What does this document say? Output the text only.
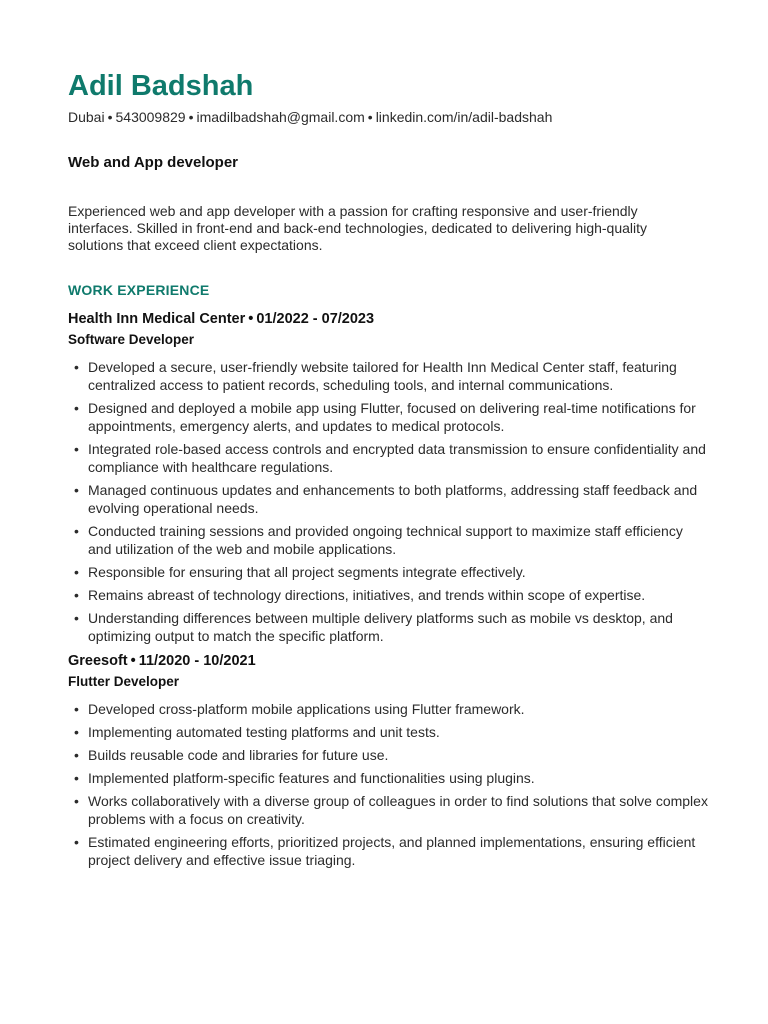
Adil Badshah
Dubai • 543009829 • imadilbadshah@gmail.com • linkedin.com/in/adil-badshah
Web and App developer
Experienced web and app developer with a passion for crafting responsive and user-friendly interfaces. Skilled in front-end and back-end technologies, dedicated to delivering high-quality solutions that exceed client expectations.
WORK EXPERIENCE
Health Inn Medical Center • 01/2022 - 07/2023
Software Developer
• Developed a secure, user-friendly website tailored for Health Inn Medical Center staff, featuring centralized access to patient records, scheduling tools, and internal communications.
• Designed and deployed a mobile app using Flutter, focused on delivering real-time notifications for appointments, emergency alerts, and updates to medical protocols.
• Integrated role-based access controls and encrypted data transmission to ensure confidentiality and compliance with healthcare regulations.
• Managed continuous updates and enhancements to both platforms, addressing staff feedback and evolving operational needs.
• Conducted training sessions and provided ongoing technical support to maximize staff efficiency and utilization of the web and mobile applications.
• Responsible for ensuring that all project segments integrate effectively.
• Remains abreast of technology directions, initiatives, and trends within scope of expertise.
• Understanding differences between multiple delivery platforms such as mobile vs desktop, and optimizing output to match the specific platform.
Greesoft • 11/2020 - 10/2021
Flutter Developer
• Developed cross-platform mobile applications using Flutter framework.
• Implementing automated testing platforms and unit tests.
• Builds reusable code and libraries for future use.
• Implemented platform-specific features and functionalities using plugins.
• Works collaboratively with a diverse group of colleagues in order to find solutions that solve complex problems with a focus on creativity.
• Estimated engineering efforts, prioritized projects, and planned implementations, ensuring efficient project delivery and effective issue triaging.
